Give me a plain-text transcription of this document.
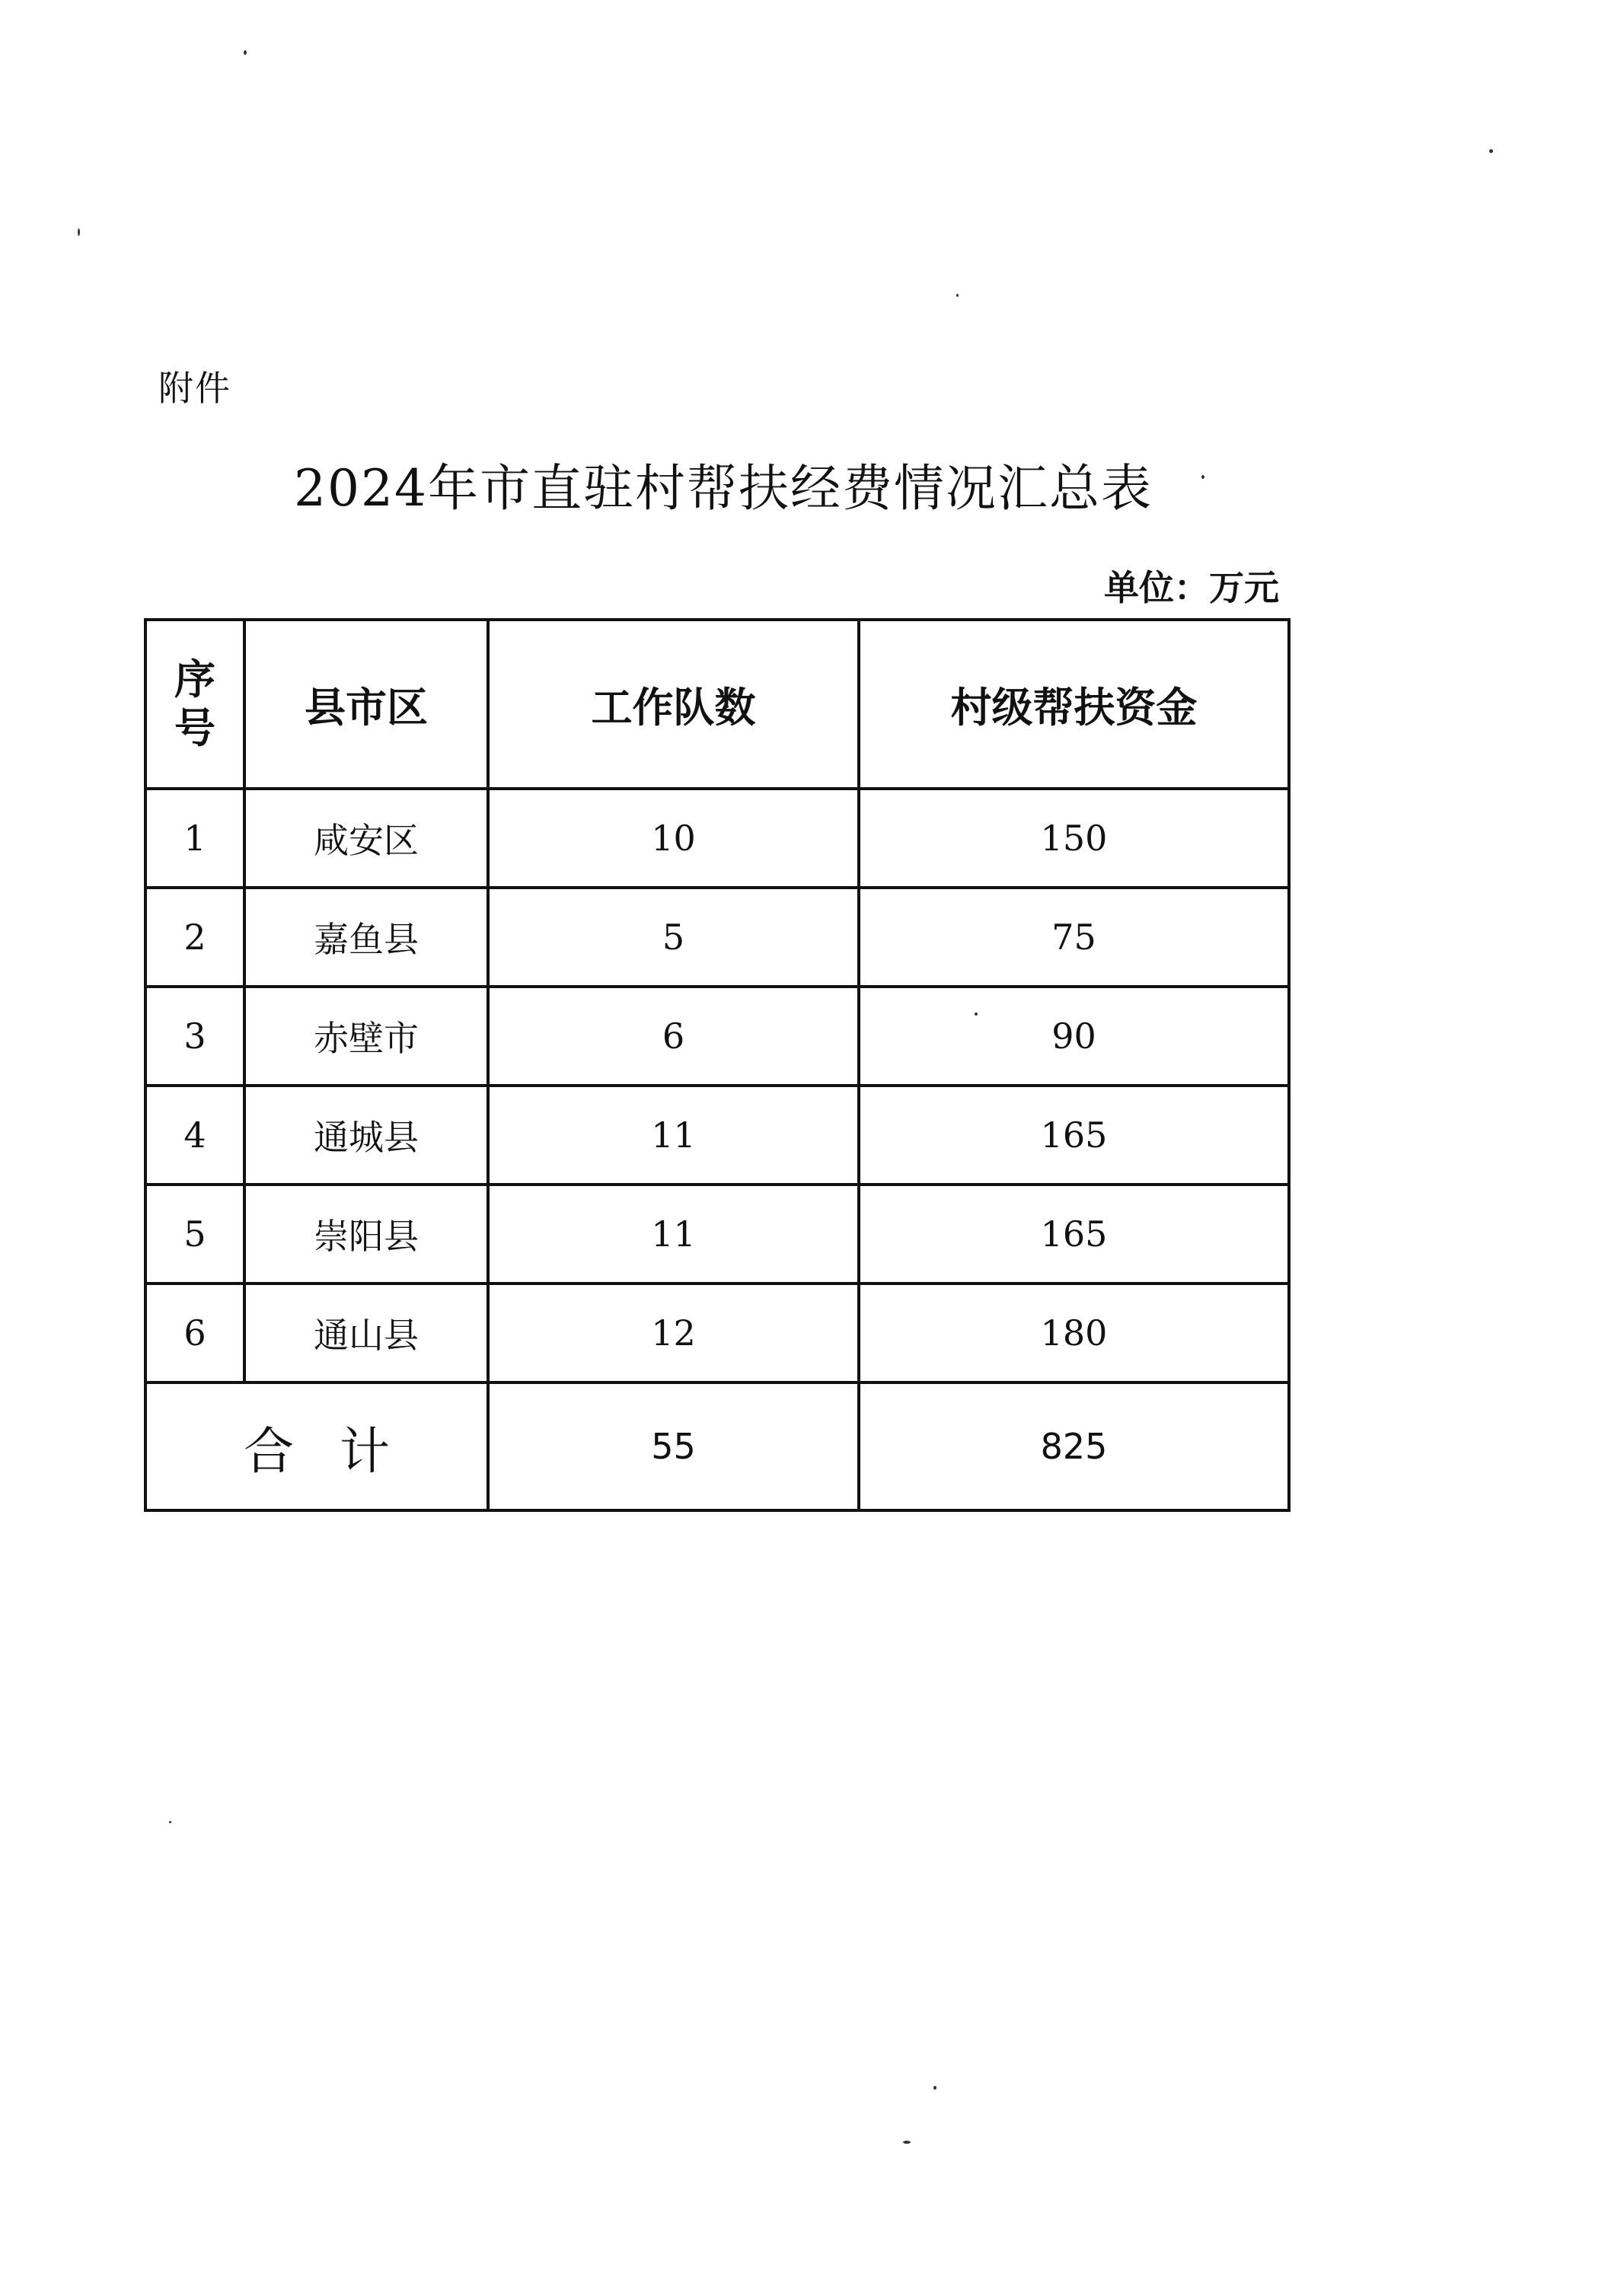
附件
2024年市直驻村帮扶经费情况汇总表
单位：万元
序号	县市区	工作队数	村级帮扶资金
1	咸安区	10	150
2	嘉鱼县	5	75
3	赤壁市	6	90
4	通城县	11	165
5	崇阳县	11	165
6	通山县	12	180
合计		55	825
